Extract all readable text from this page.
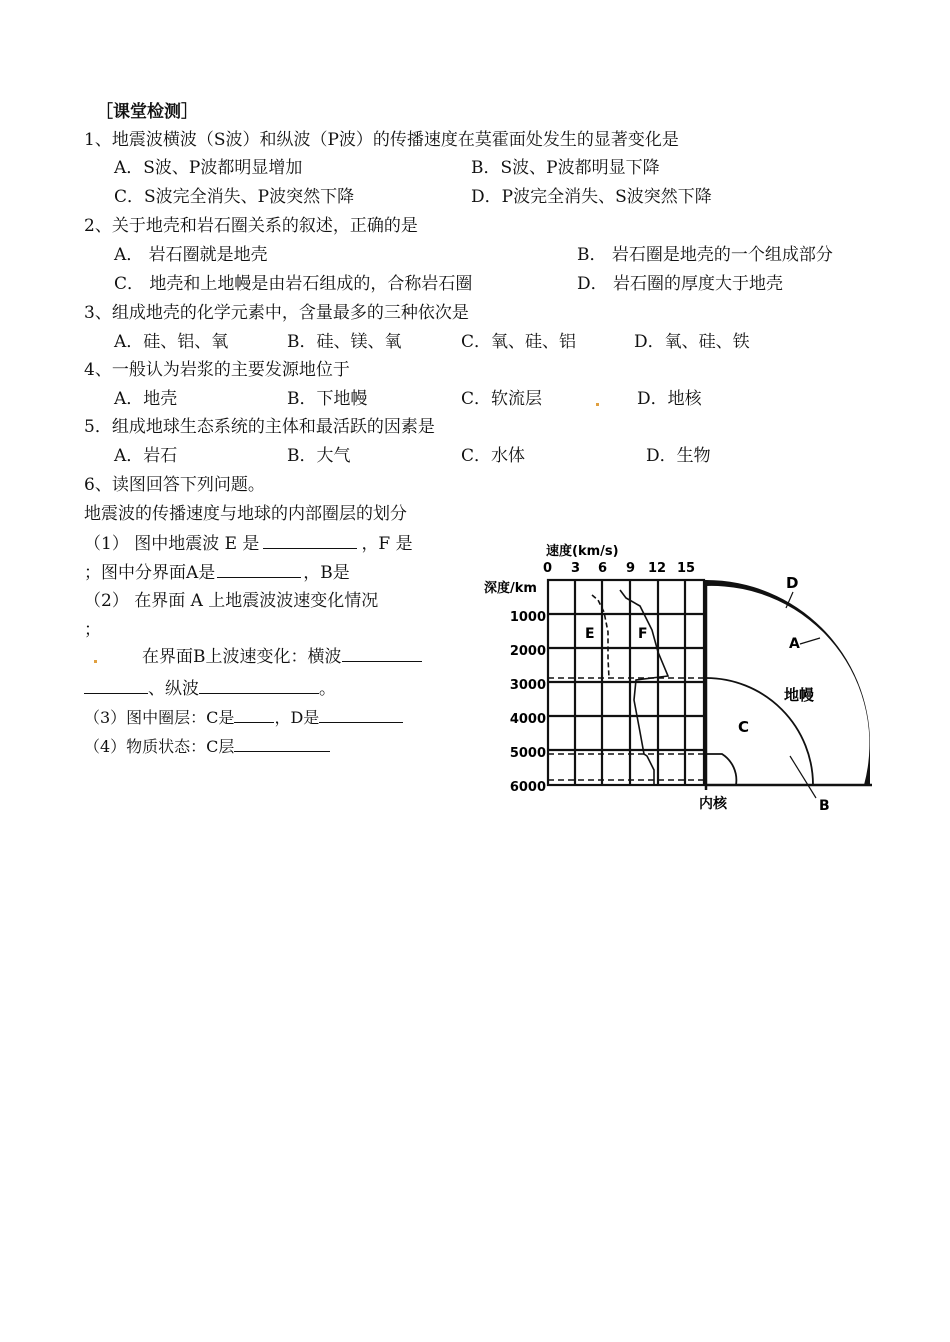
［课堂检测］
1、地震波横波（S波）和纵波（P波）的传播速度在莫霍面处发生的显著变化是
A．S波、P波都明显增加	B．S波、P波都明显下降
C．S波完全消失、P波突然下降	D．P波完全消失、S波突然下降
2、关于地壳和岩石圈关系的叙述，正确的是
A． 岩石圈就是地壳	B． 岩石圈是地壳的一个组成部分
C． 地壳和上地幔是由岩石组成的，合称岩石圈	D． 岩石圈的厚度大于地壳
3、组成地壳的化学元素中，含量最多的三种依次是
A．硅、铝、氧	B．硅、镁、氧	C．氧、硅、铝	D．氧、硅、铁
4、一般认为岩浆的主要发源地位于
A．地壳	B．下地幔	C．软流层	D．地核
5．组成地球生态系统的主体和最活跃的因素是
A．岩石	B．大气	C．水体	D．生物
6、读图回答下列问题。
地震波的传播速度与地球的内部圈层的划分
（1） 图中地震波 E 是	，F 是
；图中分界面A是	，B是
（2） 在界面 A 上地震波波速变化情况
；
在界面B上波速变化：横波
、纵波	。
（3）图中圈层：C是	，D是
（4）物质状态：C层
速度(km/s)
0 3 6 9 12 15
深度/km
1000
2000
3000
4000
5000
6000
E	F
D
A
地幔
C
内核	B
